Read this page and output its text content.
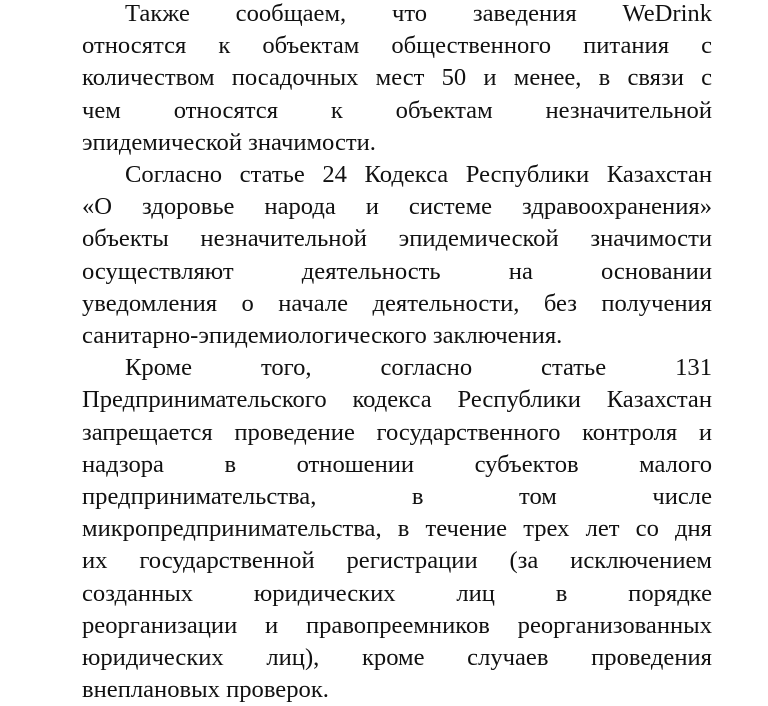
Также сообщаем, что заведения WeDrink
относятся к объектам общественного питания с
количеством посадочных мест 50 и менее, в связи с
чем относятся к объектам незначительной
эпидемической значимости.
Согласно статье 24 Кодекса Республики Казахстан
«О здоровье народа и системе здравоохранения»
объекты незначительной эпидемической значимости
осуществляют деятельность на основании
уведомления о начале деятельности, без получения
санитарно-эпидемиологического заключения.
Кроме того, согласно статье 131
Предпринимательского кодекса Республики Казахстан
запрещается проведение государственного контроля и
надзора в отношении субъектов малого
предпринимательства, в том числе
микропредпринимательства, в течение трех лет со дня
их государственной регистрации (за исключением
созданных юридических лиц в порядке
реорганизации и правопреемников реорганизованных
юридических лиц), кроме случаев проведения
внеплановых проверок.
